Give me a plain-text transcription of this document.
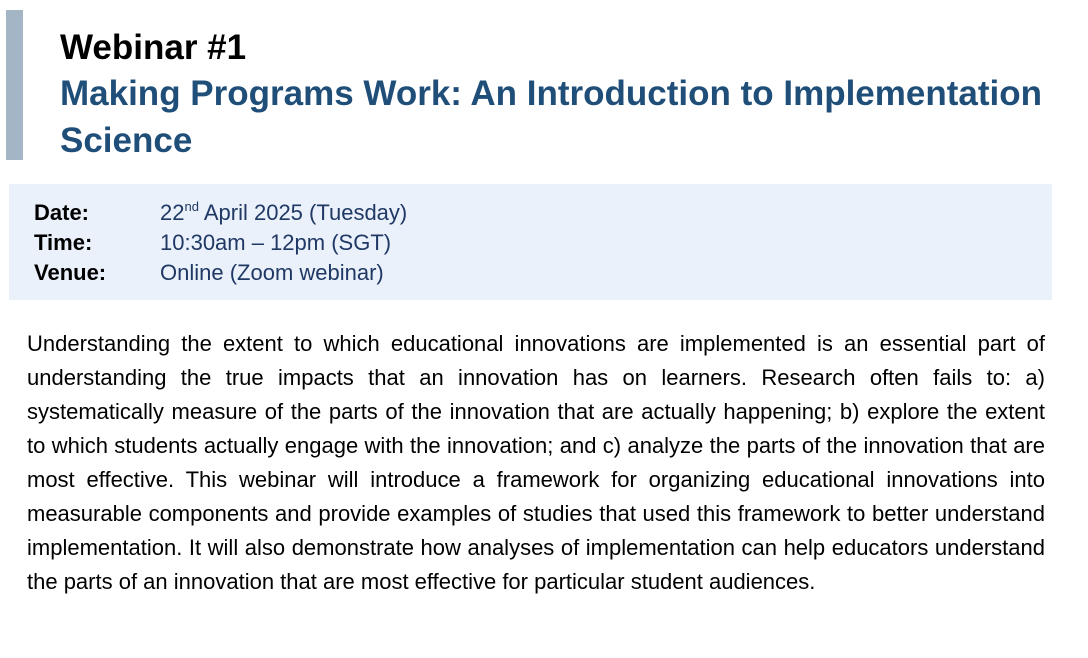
Webinar #1
Making Programs Work: An Introduction to Implementation Science
Date:	22nd April 2025 (Tuesday)
Time:	10:30am – 12pm (SGT)
Venue: Online (Zoom webinar)

Understanding the extent to which educational innovations are implemented is an essential part of understanding the true impacts that an innovation has on learners. Research often fails to: a) systematically measure of the parts of the innovation that are actually happening; b) explore the extent to which students actually engage with the innovation; and c) analyze the parts of the innovation that are most effective. This webinar will introduce a framework for organizing educational innovations into measurable components and provide examples of studies that used this framework to better understand implementation. It will also demonstrate how analyses of implementation can help educators understand the parts of an innovation that are most effective for particular student audiences.
